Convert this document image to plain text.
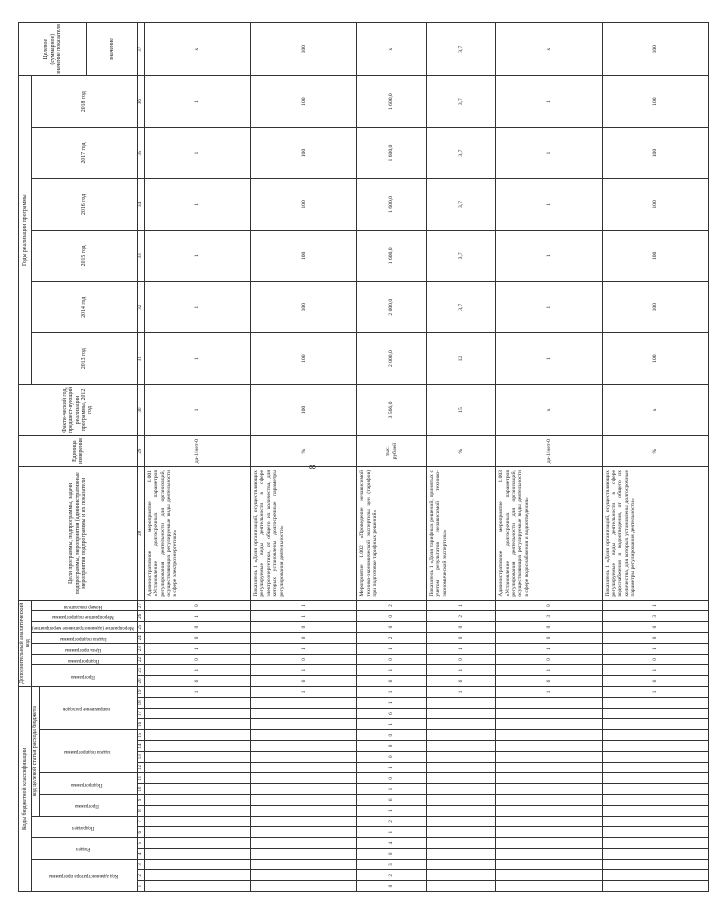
8
Коды бюджетной классификации																			Дополнительный аналитический код								Цели программы, подпрограммы, задачи подпрограммы, мероприятия (административные мероприятия подпрограммы и их показатели	Единица измерения	Факти-ческий год, предшест-вующий реализации программы, 2012 год	Годы реализации программы						Целевое (суммарное) значение показателя
Код администратора программы			Раздел		Подраздел		код целевой статьи расхода бюджета												Программа		Подпрограмма	Цель программы	Задача подпрограммы	Мероприятие (административное мероприятие)	Мероприятие подпрограммы	Номер показателя				2013 год	2014 год	2015 год	2016 год	2017 год	2018 год	
							Программа		Подпрограмма		задача подпрограммы				направление расходов																					
																																				значение
1	2	3	4	5	6	7	8	9	10	11	12	13	14	15	16	17	18	19	20	21	22	23	24	25	26	27	28	29	30	31	32	33	34	35	36	37
																		1	6	1	0	1	0	0	1	0	Административное мероприятие 1.001 «Установление долгосрочных параметров регулирования деятельности для организаций, осуществляющих регулируемые виды деятельности в сфере электроэнергетики»	да-1/нет-0	1	1	1	1	1	1	1	х
																		1	6	1	0	1	0	0	1	1	Показатель 1 «Доля организаций, осуществляющих регулируемые виды деятельности в сфере электроэнергетики, от общего их количества, для которых установлены долгосрочные параметры регулирования деятельности»	%	100	100	100	100	100	100	100	100
0	2	3	0	4	1	2	1	6	1	0	1	0	0	0	1	6	1	1	6	1	0	1	2	0	0	2	Мероприятие 1.002 «Проведение независимой технико-экономической экспертизы цен (тарифов) при подготовке тарифных решений»	тыс. рублей	3 566,0	2 000,0	2 000,0	1 600,0	1 600,0	1 600,0	1 600,0	х
																		1	6	1	0	1	0	0	2	1	Показатель 1 «Доля тарифных решений, принятых с учетом результатов независимой технико-экономической экспертизы»	%	15	12	3,7	3,7	3,7	3,7	3,7	3,7
																		1	6	1	0	1	0	0	3	0	Административное мероприятие 1.003 «Установление долгосрочных параметров регулирования деятельности для организаций, осуществляющих регулируемые виды деятельности в сфере водоснабжения и водоотведения»	да-1/нет-0	х	1	1	1	1	1	1	х
																		1	6	1	0	1	0	0	3	1	Показатель 1 «Доля организаций, осуществляющих регулируемые виды деятельности в сфере водоснабжения и водоотведения, от общего их количества, для которых установлены долгосрочные параметры регулирования деятельности»	%	х	100	100	100	100	100	100	100
